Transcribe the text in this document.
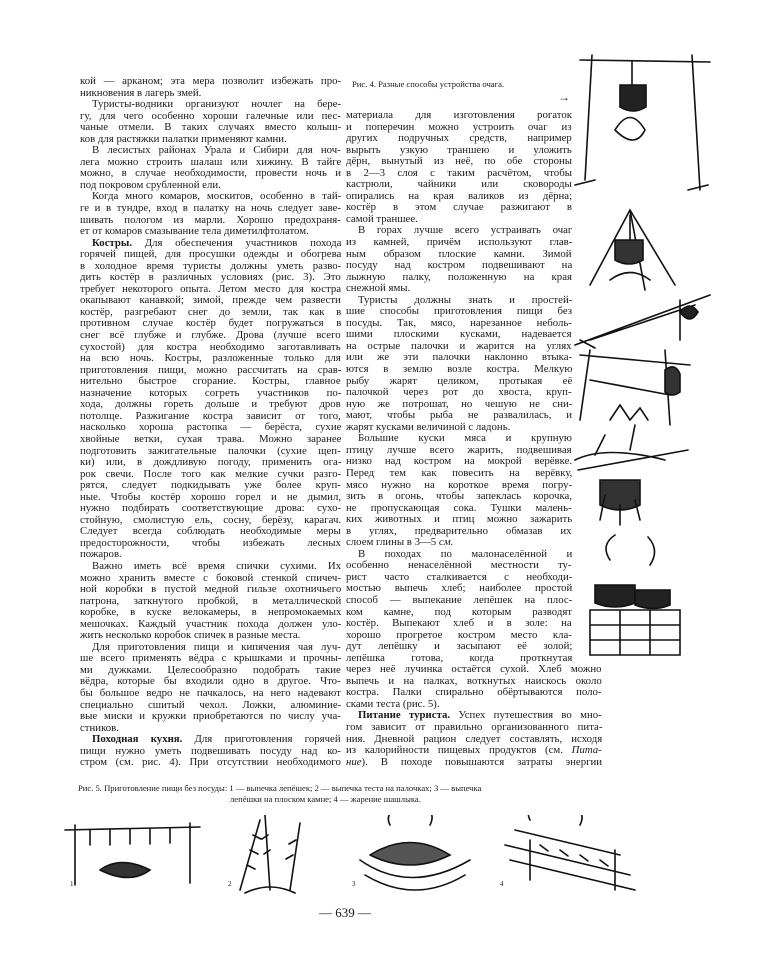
Рис. 4. Разные способы устройства очага.
→
кой — арканом; эта мера позволит избежать про-
никновения в лагерь змей.
Туристы-водники организуют ночлег на бере-
гу, для чего особенно хороши галечные или пес-
чаные отмели. В таких случаях вместо колыш-
ков для растяжки палатки применяют камни.
В лесистых районах Урала и Сибири для ноч-
лега можно строить шалаш или хижину. В тайге
можно, в случае необходимости, провести ночь и
под покровом срубленной ели.
Когда много комаров, москитов, особенно в тай-
ге и в тундре, вход в палатку на ночь следует заве-
шивать пологом из марли. Хорошо предохраня-
ет от комаров смазывание тела диметилфтолатом.
Костры. Для обеспечения участников похода
горячей пищей, для просушки одежды и обогрева
в холодное время туристы должны уметь разво-
дить костёр в различных условиях (рис. 3). Это
требует некоторого опыта. Летом место для костра
окапывают канавкой; зимой, прежде чем развести
костёр, разгребают снег до земли, так как в
противном случае костёр будет погружаться в
снег всё глубже и глубже. Дрова (лучше всего
сухостой) для костра необходимо заготавливать
на всю ночь. Костры, разложенные только для
приготовления пищи, можно рассчитать на срав-
нительно быстрое сгорание. Костры, главное
назначение которых согреть участников по-
хода, должны гореть дольше и требуют дров
потолще. Разжигание костра зависит от того,
насколько хороша растопка — берёста, сухие
хвойные ветки, сухая трава. Можно заранее
подготовить зажигательные палочки (сухие щеп-
ки) или, в дождливую погоду, применить ога-
рок свечи. После того как мелкие сучки разго-
рятся, следует подкидывать уже более круп-
ные. Чтобы костёр хорошо горел и не дымил,
нужно подбирать соответствующие дрова: сухо-
стойную, смолистую ель, сосну, берёзу, карагач.
Следует всегда соблюдать необходимые меры
предосторожности, чтобы избежать лесных
пожаров.
Важно иметь всё время спички сухими. Их
можно хранить вместе с боковой стенкой спичеч-
ной коробки в пустой медной гильзе охотничьего
патрона, заткнутого пробкой, в металлической
коробке, в куске велокамеры, в непромокаемых
мешочках. Каждый участник похода должен уло-
жить несколько коробок спичек в разные места.
Для приготовления пищи и кипячения чая луч-
ше всего применять вёдра с крышками и прочны-
ми дужками. Целесообразно подобрать такие
вёдра, которые бы входили одно в другое. Что-
бы большое ведро не пачкалось, на него надевают
специально сшитый чехол. Ложки, алюминие-
вые миски и кружки приобретаются по числу уча-
стников.
Походная кухня. Для приготовления горячей
пищи нужно уметь подвешивать посуду над ко-
стром (см. рис. 4). При отсутствии необходимого
материала для изготовления рогаток
и поперечин можно устроить очаг из
других подручных средств, например
вырыть узкую траншею и уложить
дёрн, вынутый из неё, по обе стороны
в 2—3 слоя с таким расчётом, чтобы
кастрюли, чайники или сковороды
опирались на края валиков из дёрна;
костёр в этом случае разжигают в
самой траншее.
В горах лучше всего устраивать очаг
из камней, причём используют глав-
ным образом плоские камни. Зимой
посуду над костром подвешивают на
лыжную палку, положенную на края
снежной ямы.
Туристы должны знать и простей-
шие способы приготовления пищи без
посуды. Так, мясо, нарезанное неболь-
шими плоскими кусками, надевается
на острые палочки и жарится на углях
или же эти палочки наклонно втыка-
ются в землю возле костра. Мелкую
рыбу жарят целиком, протыкая её
палочкой через рот до хвоста, круп-
ную же потрошат, но чешую не сни-
мают, чтобы рыба не развалилась, и
жарят кусками величиной с ладонь.
Большие куски мяса и крупную
птицу лучше всего жарить, подвешивая
низко над костром на мокрой верёвке.
Перед тем как повесить на верёвку,
мясо нужно на короткое время погру-
зить в огонь, чтобы запеклась корочка,
не пропускающая сока. Тушки малень-
ких животных и птиц можно зажарить
в углях, предварительно обмазав их
слоем глины в 3—5 см.
В походах по малонаселённой и
особенно ненаселённой местности ту-
рист часто сталкивается с необходи-
мостью выпечь хлеб; наиболее простой
способ — выпекание лепёшек на плос-
ком камне, под которым разводят
костёр. Выпекают хлеб и в золе: на
хорошо прогретое костром место кла-
дут лепёшку и засыпают её золой;
лепёшка готова, когда проткнутая
через неё лучинка остаётся сухой. Хлеб можно
выпечь и на палках, воткнутых наискось около
костра. Палки спирально обёртываются поло-
сками теста (рис. 5).
Питание туриста. Успех путешествия во мно-
гом зависит от правильно организованного пита-
ния. Дневной рацион следует составлять, исходя
из калорийности пищевых продуктов (см. Пита-
ние). В походе повышаются затраты энергии
Рис. 5. Приготовление пищи без посуды: 1 — выпечка лепёшек; 2 — выпечка теста на палочках; 3 — выпечка
лепёшки на плоском камне; 4 — жарение шашлыка.
1	2	3	4
— 639 —
